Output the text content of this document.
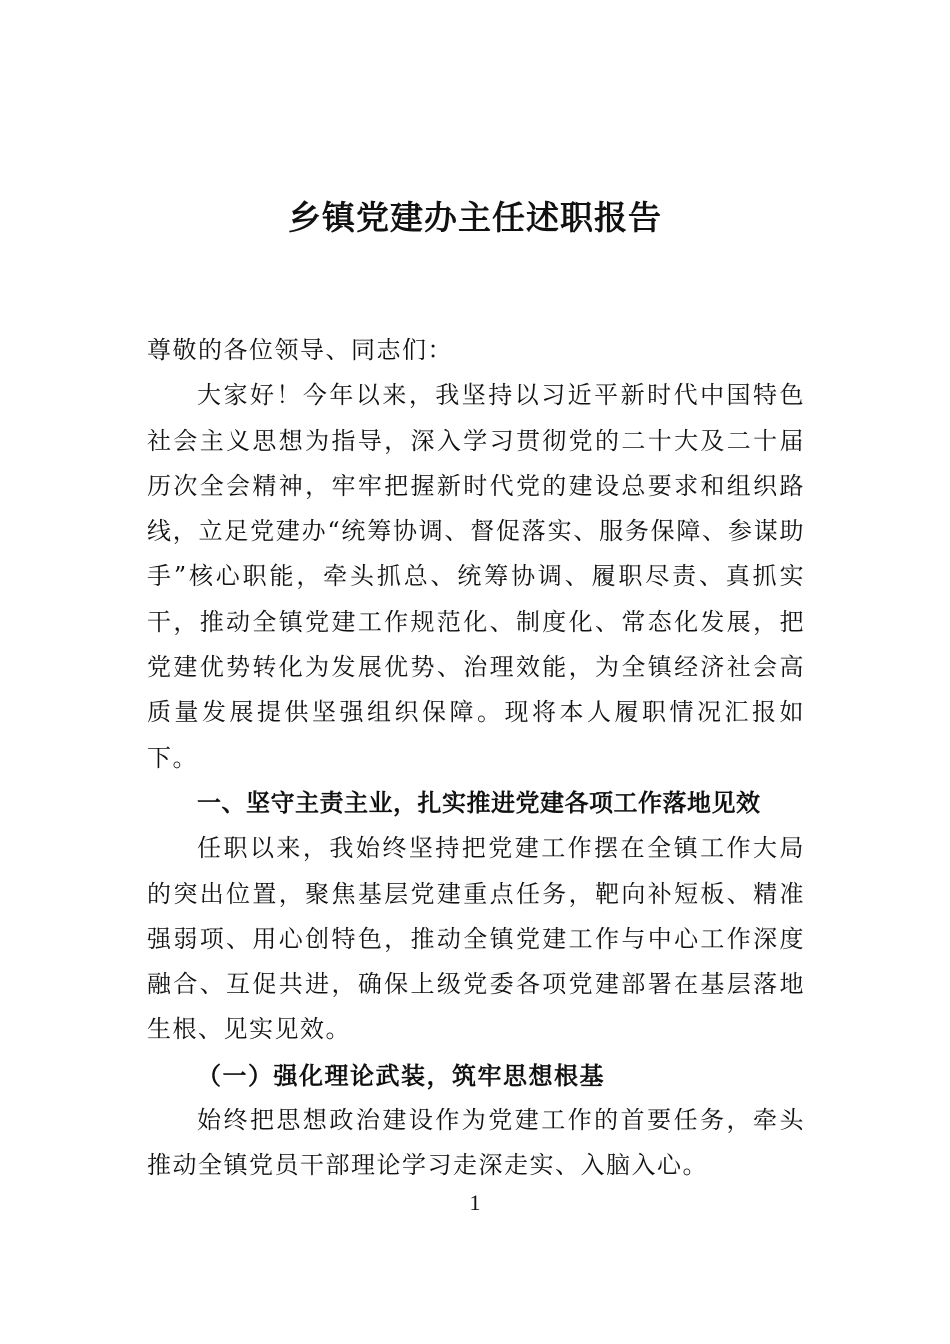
乡镇党建办主任述职报告

尊敬的各位领导、同志们：

大家好！今年以来，我坚持以习近平新时代中国特色社会主义思想为指导，深入学习贯彻党的二十大及二十届历次全会精神，牢牢把握新时代党的建设总要求和组织路线，立足党建办“统筹协调、督促落实、服务保障、参谋助手”核心职能，牵头抓总、统筹协调、履职尽责、真抓实干，推动全镇党建工作规范化、制度化、常态化发展，把党建优势转化为发展优势、治理效能，为全镇经济社会高质量发展提供坚强组织保障。现将本人履职情况汇报如下。

一、坚守主责主业，扎实推进党建各项工作落地见效

任职以来，我始终坚持把党建工作摆在全镇工作大局的突出位置，聚焦基层党建重点任务，靶向补短板、精准强弱项、用心创特色，推动全镇党建工作与中心工作深度融合、互促共进，确保上级党委各项党建部署在基层落地生根、见实见效。

（一）强化理论武装，筑牢思想根基

始终把思想政治建设作为党建工作的首要任务，牵头推动全镇党员干部理论学习走深走实、入脑入心。

1
